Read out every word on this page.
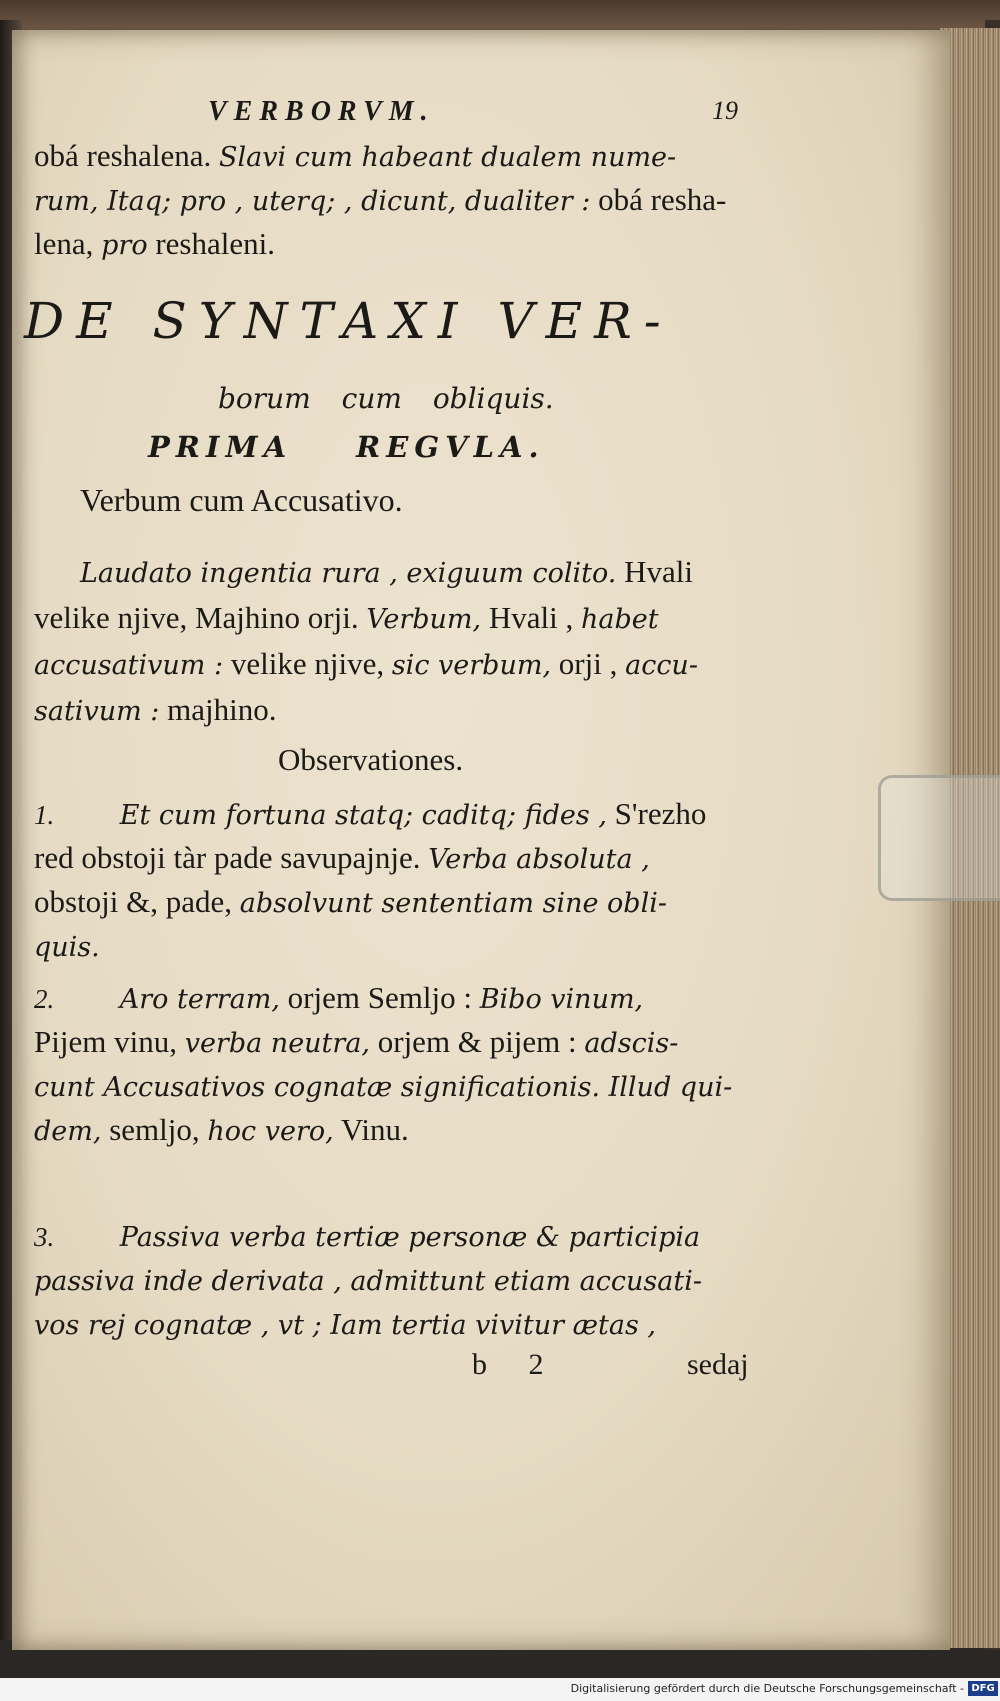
VERBORVM.	19
obá reshalena. Slavi cum habeant dualem nume-
rum, Itaq; pro , uterq; , dicunt, dualiter : obá resha-
lena, pro reshaleni.
DE SYNTAXI VER-
borum cum obliquis.
PRIMA REGVLA.
Verbum cum Accusativo.
Laudato ingentia rura , exiguum colito. Hvali
velike njive, Majhino orji. Verbum, Hvali , habet
accusativum : velike njive, sic verbum, orji , accu-
sativum : majhino.
Observationes.
1. Et cum fortuna statq; caditq; fides , S'rezho
red obstoji tàr pade savupajnje. Verba absoluta ,
obstoji &, pade, absolvunt sententiam sine obli-
quis.
2. Aro terram, orjem Semljo : Bibo vinum,
Pijem vinu, verba neutra, orjem & pijem : adscis-
cunt Accusativos cognatæ significationis. Illud qui-
dem, semljo, hoc vero, Vinu.
3. Passiva verba tertiæ personæ & participia
passiva inde derivata , admittunt etiam accusati-
vos rej cognatæ , vt ; Iam tertia vivitur ætas ,
b 2	sedaj
Digitalisierung gefördert durch die Deutsche Forschungsgemeinschaft - DFG
